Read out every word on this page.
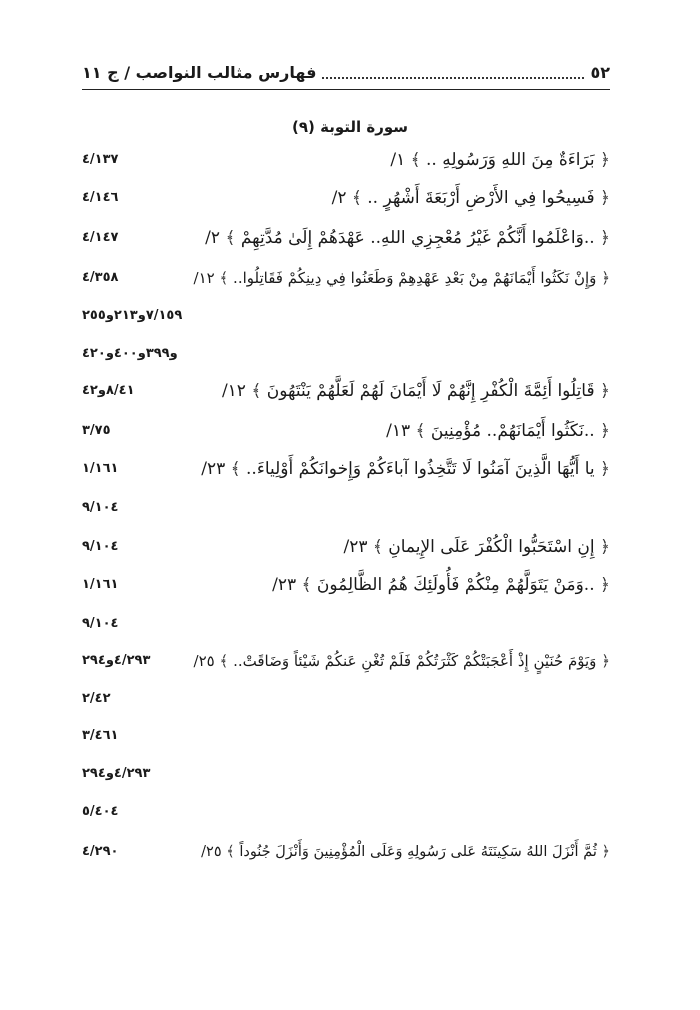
٥٢
فهارس مثالب النواصب / ج ١١
سورة التوبة (٩)
﴿ بَرَاءَةٌ مِنَ اللهِ وَرَسُولِهِ .. ﴾ ١/
٤/١٣٧
﴿ فَسِيحُوا فِي الأَرْضِ أَرْبَعَةَ أَشْهُرٍ .. ﴾ ٢/
٤/١٤٦
﴿ ..وَاعْلَمُوا أَنَّكُمْ غَيْرُ مُعْجِزِي اللهِ.. عَهْدَهُمْ إِلَىٰ مُدَّتِهِمْ ﴾ ٢/
٤/١٤٧
﴿ وَإِنْ نَكَثُوا أَيْمَانَهُمْ مِنْ بَعْدِ عَهْدِهِمْ وَطَعَنُوا فِي دِينِكُمْ فَقَاتِلُوا.. ﴾ ١٢/
٤/٣٥٨
٧/١٥٩و٢١٣و٢٥٥
و٣٩٩و٤٠٠و٤٢٠
﴿ قَاتِلُوا أَئِمَّةَ الْكُفْرِ إِنَّهُمْ لَا أَيْمَانَ لَهُمْ لَعَلَّهُمْ يَنْتَهُونَ ﴾ ١٢/
٨/٤١و٤٢
﴿ ..نَكَثُوا أَيْمَانَهُمْ.. مُؤْمِنِينَ ﴾ ١٣/
٣/٧٥
﴿ يا أَيُّهَا الَّذِينَ آمَنُوا لَا تَتَّخِذُوا آباءَكُمْ وَإِخوانَكُمْ أَوْلِياءَ.. ﴾ ٢٣/
١/١٦١
٩/١٠٤
﴿ إِنِ اسْتَحَبُّوا الْكُفْرَ عَلَى الإِيمانِ ﴾ ٢٣/
٩/١٠٤
﴿ ..وَمَنْ يَتَوَلَّهُمْ مِنْكُمْ فَأُولَئِكَ هُمُ الظَّالِمُونَ ﴾ ٢٣/
١/١٦١
٩/١٠٤
﴿ وَيَوْمَ حُنَيْنٍ إِذْ أَعْجَبَتْكُمْ كَثْرَتُكُمْ فَلَمْ تُغْنِ عَنكُمْ شَيْئاً وَضَاقَتْ.. ﴾ ٢٥/
٤/٢٩٣و٢٩٤
٢/٤٢
٣/٤٦١
٤/٢٩٣و٢٩٤
٥/٤٠٤
﴿ ثُمَّ أَنْزَلَ اللهُ سَكِينَتَهُ عَلى رَسُولِهِ وَعَلَى الْمُؤْمِنِينَ وَأَنْزَلَ جُنُوداً ﴾ ٢٥/
٤/٢٩٠
